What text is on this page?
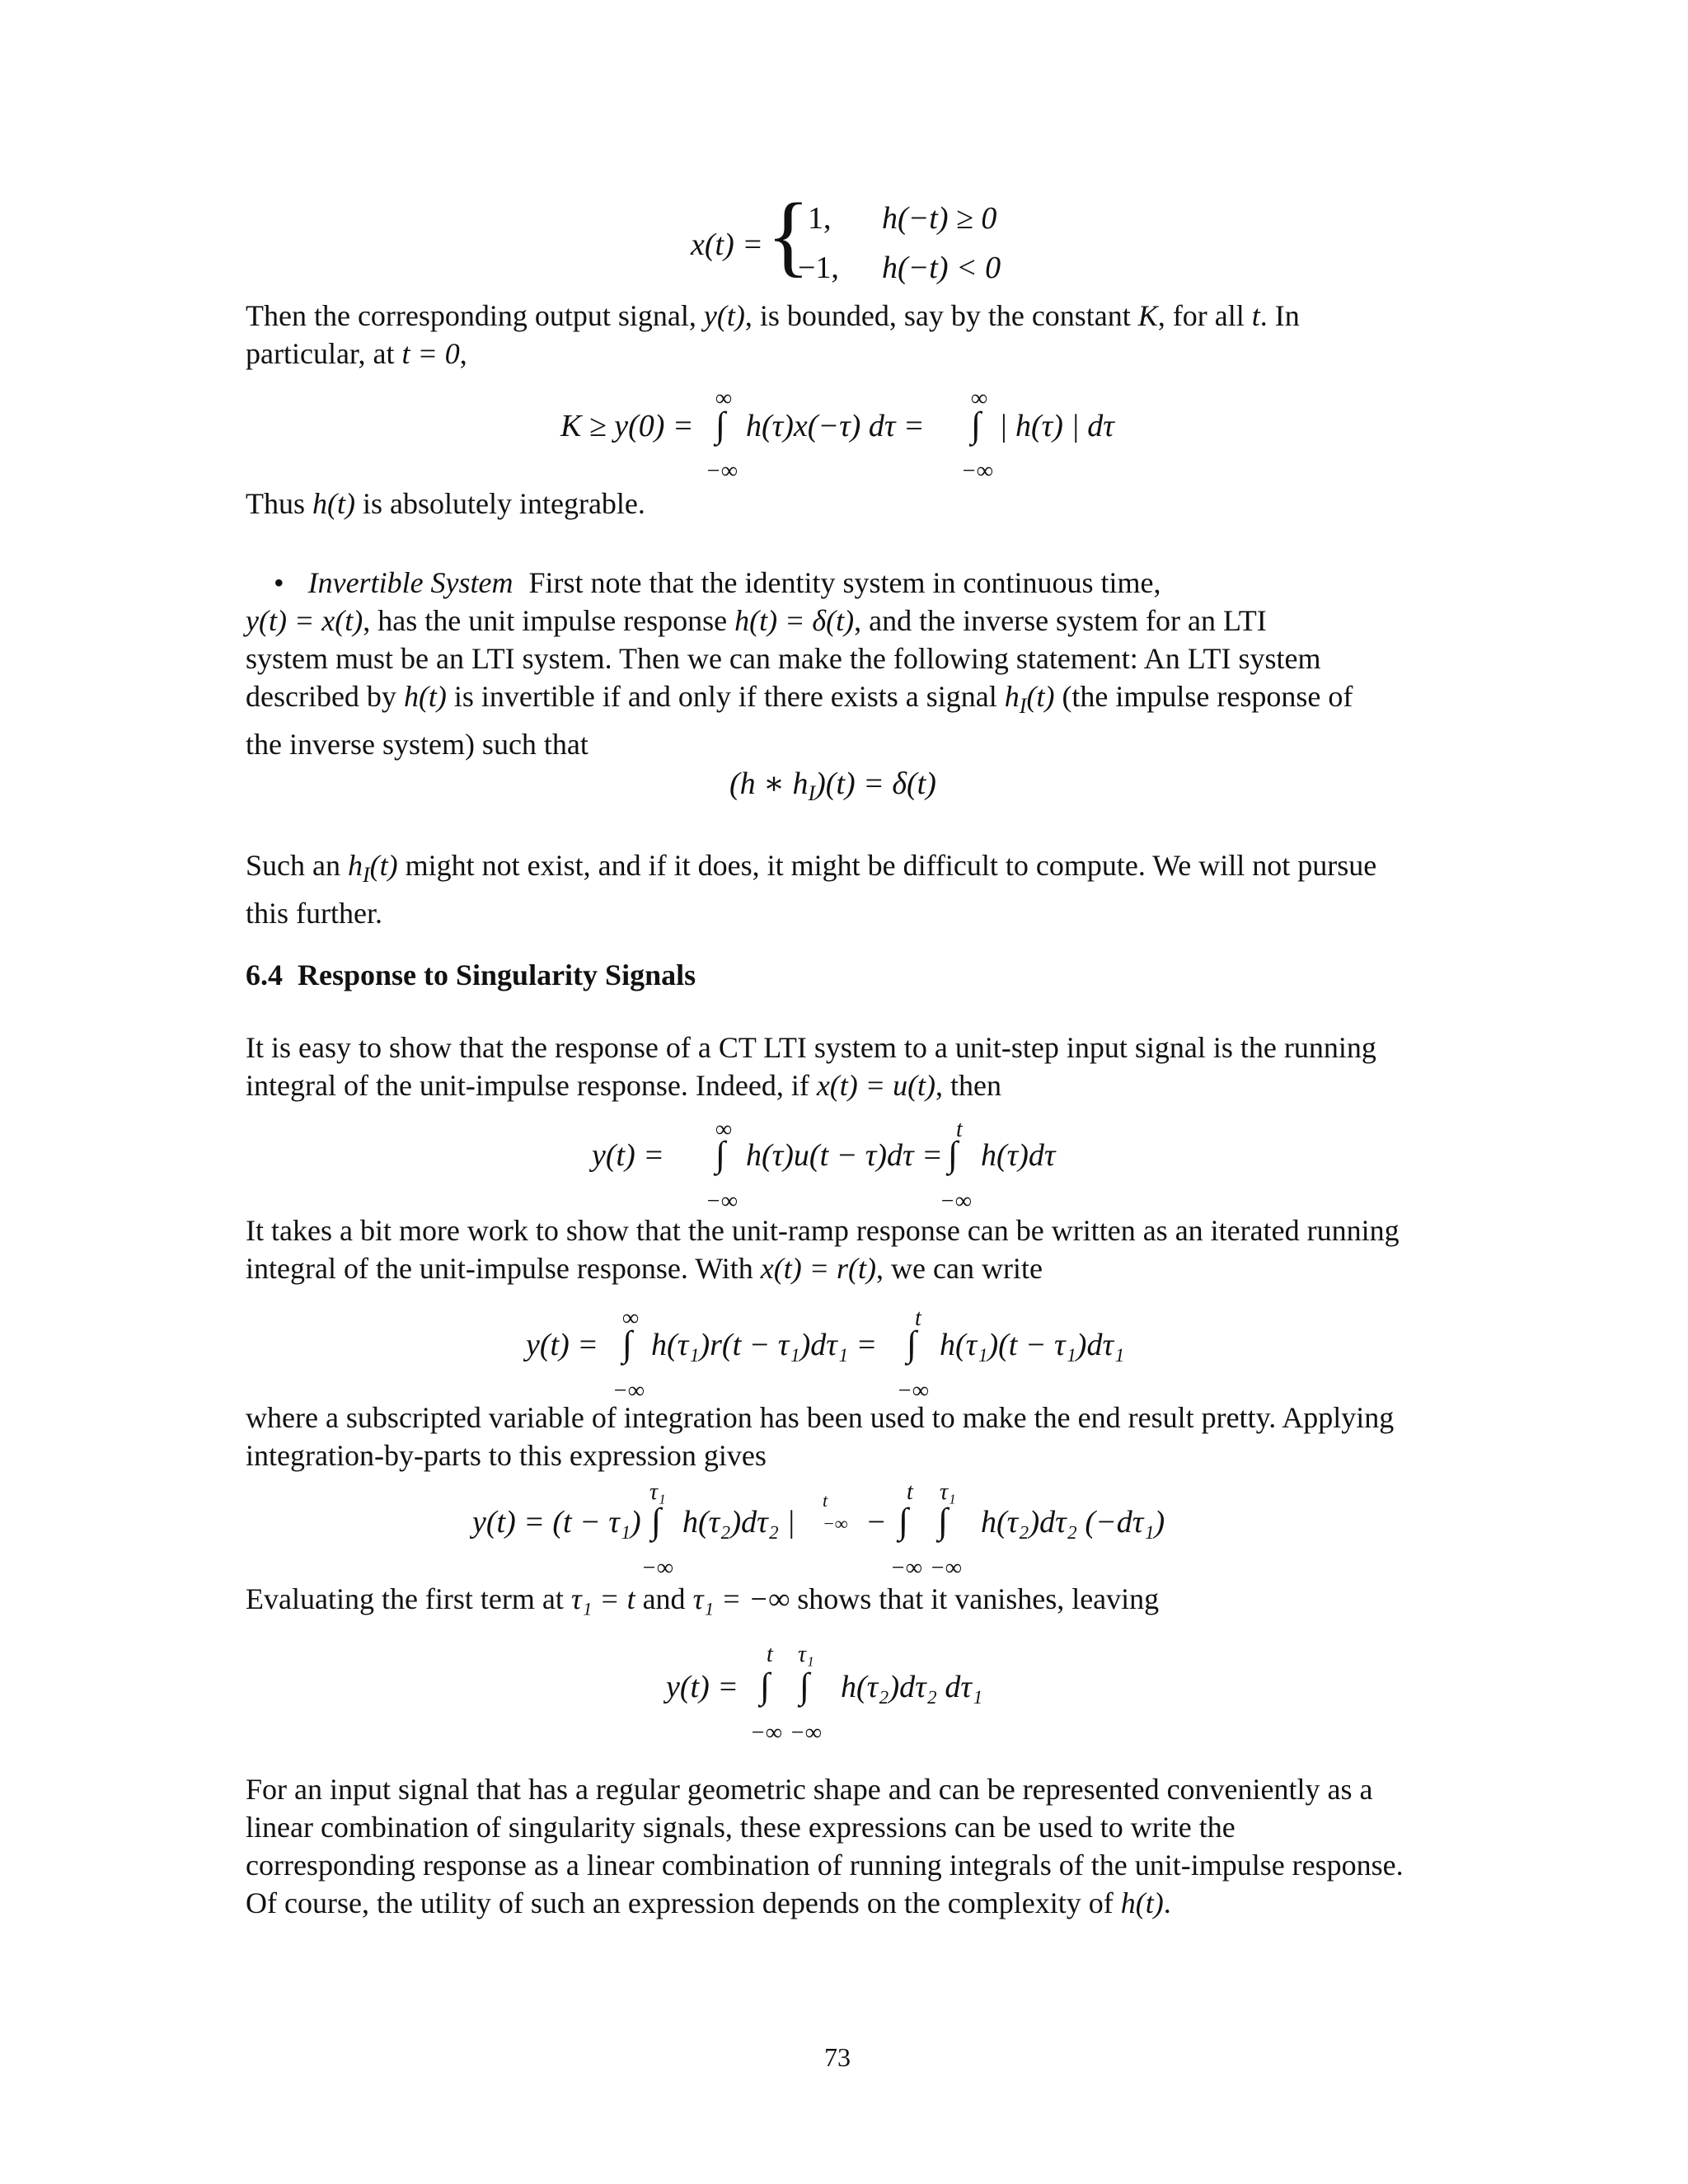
x(t) = {
1, h(−t) ≥ 0
−1, h(−t) < 0

Then the corresponding output signal, y(t), is bounded, say by the constant K, for all t. In
particular, at t = 0,

K ≥ y(0) =
∞
∫
−∞
h(τ)x(−τ) dτ =
∞
∫
−∞
| h(τ) | dτ

Thus h(t) is absolutely integrable.

• Invertible System First note that the identity system in continuous time,
y(t) = x(t), has the unit impulse response h(t) = δ(t), and the inverse system for an LTI
system must be an LTI system. Then we can make the following statement: An LTI system
described by h(t) is invertible if and only if there exists a signal $h_I(t)$ (the impulse response of
the inverse system) such that

(h ∗ $h_I)(t) = \delta(t)$

Such an $h_I(t)$ might not exist, and if it does, it might be difficult to compute. We will not pursue
this further.

6.4 Response to Singularity Signals

It is easy to show that the response of a CT LTI system to a unit-step input signal is the running
integral of the unit-impulse response. Indeed, if x(t) = u(t), then

y(t) =
∞
∫
−∞
h(τ)u(t − τ)dτ =
t
∫
−∞
h(τ)dτ

It takes a bit more work to show that the unit-ramp response can be written as an iterated running
integral of the unit-impulse response. With x(t) = r(t), we can write

y(t) =
∞
∫
−∞
h(τ₁)r(t − τ₁)dτ₁ =
t
∫
−∞
h(τ₁)(t − τ₁)dτ₁

where a subscripted variable of integration has been used to make the end result pretty. Applying
integration-by-parts to this expression gives

y(t) = (t − τ₁)
τ₁
∫
−∞
h(τ₂)dτ₂ |
t
−∞ −
t
∫
−∞
τ₁
∫
−∞
h(τ₂)dτ₂ (−dτ₁)

Evaluating the first term at τ₁ = t and τ₁ = −∞ shows that it vanishes, leaving

y(t) =
t
∫
−∞
τ₁
∫
−∞
h(τ₂)dτ₂ dτ₁

For an input signal that has a regular geometric shape and can be represented conveniently as a
linear combination of singularity signals, these expressions can be used to write the
corresponding response as a linear combination of running integrals of the unit-impulse response.
Of course, the utility of such an expression depends on the complexity of h(t).

73
